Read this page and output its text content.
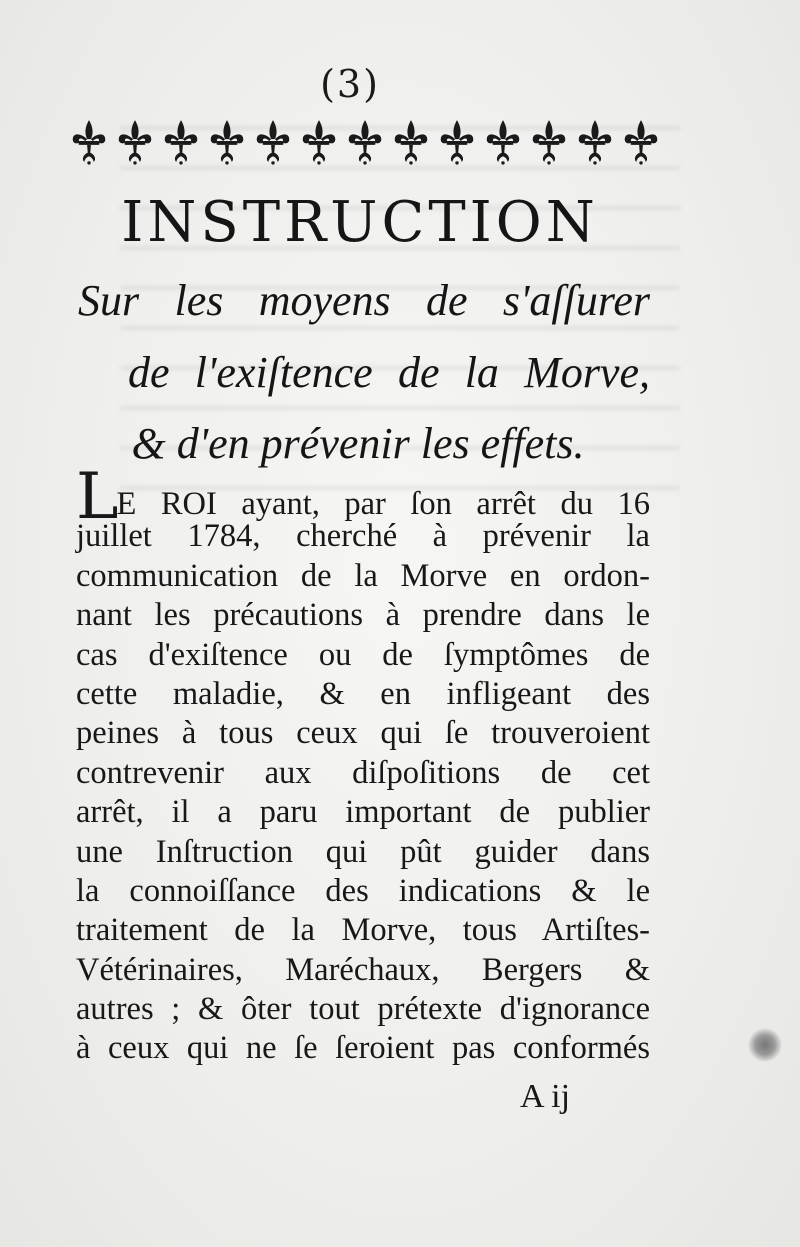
(3)
INSTRUCTION
Sur les moyens de s'aſſurer
de l'exiſtence de la Morve,
& d'en prévenir les effets.
LE ROI ayant, par ſon arrêt du 16
juillet 1784, cherché à prévenir la
communication de la Morve en ordon-
nant les précautions à prendre dans le
cas d'exiſtence ou de ſymptômes de
cette maladie, & en infligeant des
peines à tous ceux qui ſe trouveroient
contrevenir aux diſpoſitions de cet
arrêt, il a paru important de publier
une Inſtruction qui pût guider dans
la connoiſſance des indications & le
traitement de la Morve, tous Artiſtes-
Vétérinaires, Maréchaux, Bergers &
autres ; & ôter tout prétexte d'ignorance
à ceux qui ne ſe ſeroient pas conformés
A ij
